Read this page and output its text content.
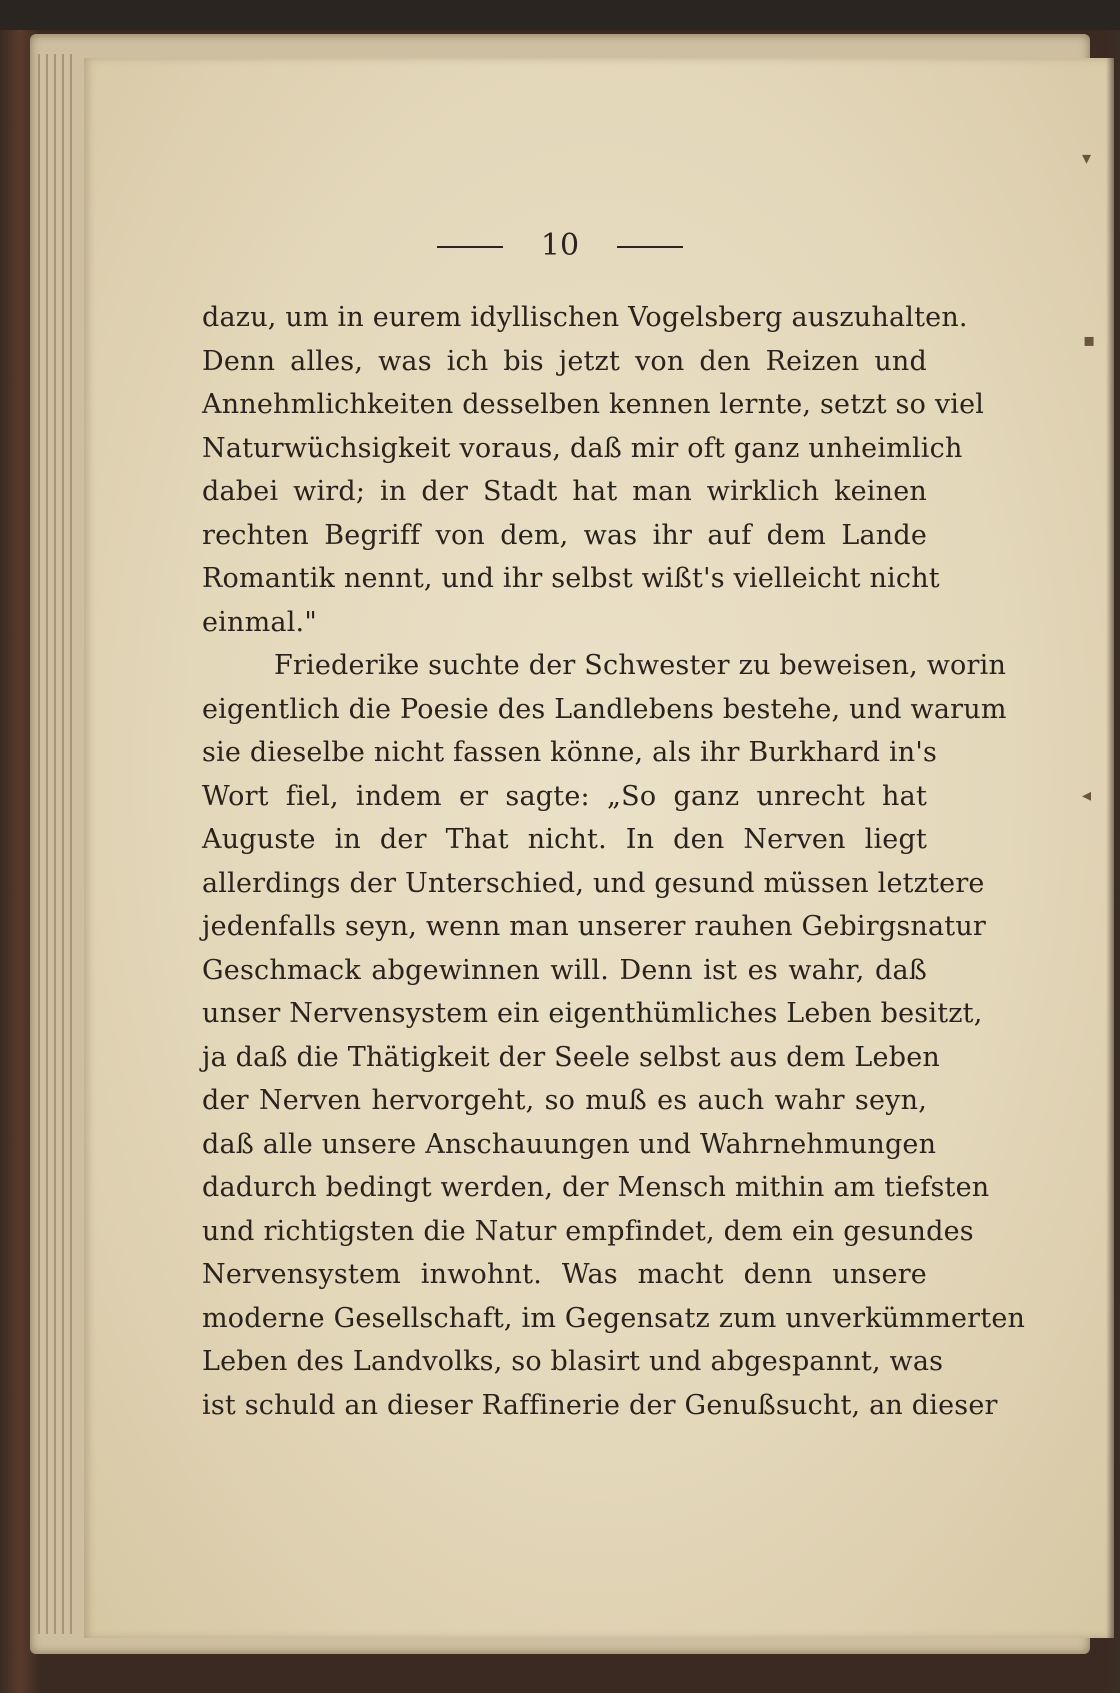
10
dazu, um in eurem idyllischen Vogelsberg auszuhalten.
Denn alles, was ich bis jetzt von den Reizen und
Annehmlichkeiten desselben kennen lernte, setzt so viel
Naturwüchsigkeit voraus, daß mir oft ganz unheimlich
dabei wird; in der Stadt hat man wirklich keinen
rechten Begriff von dem, was ihr auf dem Lande
Romantik nennt, und ihr selbst wißt's vielleicht nicht
einmal."
Friederike suchte der Schwester zu beweisen, worin
eigentlich die Poesie des Landlebens bestehe, und warum
sie dieselbe nicht fassen könne, als ihr Burkhard in's
Wort fiel, indem er sagte: „So ganz unrecht hat
Auguste in der That nicht. In den Nerven liegt
allerdings der Unterschied, und gesund müssen letztere
jedenfalls seyn, wenn man unserer rauhen Gebirgsnatur
Geschmack abgewinnen will. Denn ist es wahr, daß
unser Nervensystem ein eigenthümliches Leben besitzt,
ja daß die Thätigkeit der Seele selbst aus dem Leben
der Nerven hervorgeht, so muß es auch wahr seyn,
daß alle unsere Anschauungen und Wahrnehmungen
dadurch bedingt werden, der Mensch mithin am tiefsten
und richtigsten die Natur empfindet, dem ein gesundes
Nervensystem inwohnt. Was macht denn unsere
moderne Gesellschaft, im Gegensatz zum unverkümmerten
Leben des Landvolks, so blasirt und abgespannt, was
ist schuld an dieser Raffinerie der Genußsucht, an dieser
▾
▪
◂
